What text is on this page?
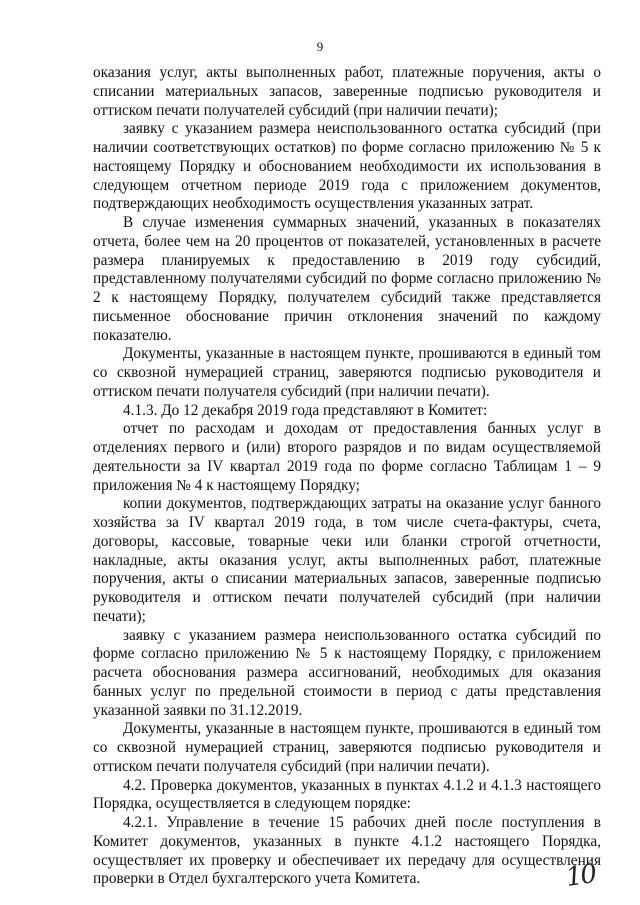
9

оказания услуг, акты выполненных работ, платежные поручения, акты о списании материальных запасов, заверенные подписью руководителя и оттиском печати получателей субсидий (при наличии печати);

заявку с указанием размера неиспользованного остатка субсидий (при наличии соответствующих остатков) по форме согласно приложению № 5 к настоящему Порядку и обоснованием необходимости их использования в следующем отчетном периоде 2019 года с приложением документов, подтверждающих необходимость осуществления указанных затрат.

В случае изменения суммарных значений, указанных в показателях отчета, более чем на 20 процентов от показателей, установленных в расчете размера планируемых к предоставлению в 2019 году субсидий, представленному получателями субсидий по форме согласно приложению № 2 к настоящему Порядку, получателем субсидий также представляется письменное обоснование причин отклонения значений по каждому показателю.

Документы, указанные в настоящем пункте, прошиваются в единый том со сквозной нумерацией страниц, заверяются подписью руководителя и оттиском печати получателя субсидий (при наличии печати).

4.1.3. До 12 декабря 2019 года представляют в Комитет:

отчет по расходам и доходам от предоставления банных услуг в отделениях первого и (или) второго разрядов и по видам осуществляемой деятельности за IV квартал 2019 года по форме согласно Таблицам 1 – 9 приложения № 4 к настоящему Порядку;

копии документов, подтверждающих затраты на оказание услуг банного хозяйства за IV квартал 2019 года, в том числе счета-фактуры, счета, договоры, кассовые, товарные чеки или бланки строгой отчетности, накладные, акты оказания услуг, акты выполненных работ, платежные поручения, акты о списании материальных запасов, заверенные подписью руководителя и оттиском печати получателей субсидий (при наличии печати);

заявку с указанием размера неиспользованного остатка субсидий по форме согласно приложению № 5 к настоящему Порядку, с приложением расчета обоснования размера ассигнований, необходимых для оказания банных услуг по предельной стоимости в период с даты представления указанной заявки по 31.12.2019.

Документы, указанные в настоящем пункте, прошиваются в единый том со сквозной нумерацией страниц, заверяются подписью руководителя и оттиском печати получателя субсидий (при наличии печати).

4.2. Проверка документов, указанных в пунктах 4.1.2 и 4.1.3 настоящего Порядка, осуществляется в следующем порядке:

4.2.1. Управление в течение 15 рабочих дней после поступления в Комитет документов, указанных в пункте 4.1.2 настоящего Порядка, осуществляет их проверку и обеспечивает их передачу для осуществления проверки в Отдел бухгалтерского учета Комитета.	10
